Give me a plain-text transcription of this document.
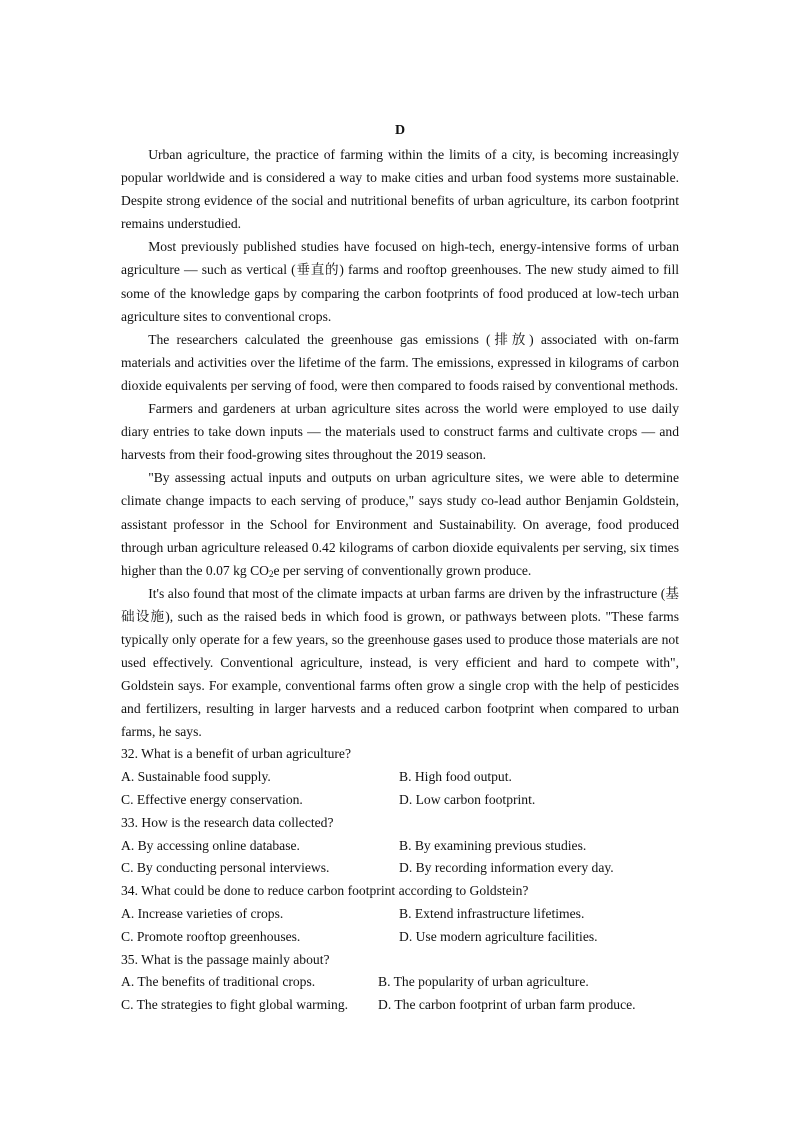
D

Urban agriculture, the practice of farming within the limits of a city, is becoming increasingly popular worldwide and is considered a way to make cities and urban food systems more sustainable. Despite strong evidence of the social and nutritional benefits of urban agriculture, its carbon footprint remains understudied.

Most previously published studies have focused on high-tech, energy-intensive forms of urban agriculture — such as vertical (垂直的) farms and rooftop greenhouses. The new study aimed to fill some of the knowledge gaps by comparing the carbon footprints of food produced at low-tech urban agriculture sites to conventional crops.

The researchers calculated the greenhouse gas emissions (排放) associated with on-farm materials and activities over the lifetime of the farm. The emissions, expressed in kilograms of carbon dioxide equivalents per serving of food, were then compared to foods raised by conventional methods.

Farmers and gardeners at urban agriculture sites across the world were employed to use daily diary entries to take down inputs — the materials used to construct farms and cultivate crops — and harvests from their food-growing sites throughout the 2019 season.

"By assessing actual inputs and outputs on urban agriculture sites, we were able to determine climate change impacts to each serving of produce," says study co-lead author Benjamin Goldstein, assistant professor in the School for Environment and Sustainability. On average, food produced through urban agriculture released 0.42 kilograms of carbon dioxide equivalents per serving, six times higher than the 0.07 kg $CO_2e$ per serving of conventionally grown produce.

It's also found that most of the climate impacts at urban farms are driven by the infrastructure (基础设施), such as the raised beds in which food is grown, or pathways between plots. "These farms typically only operate for a few years, so the greenhouse gases used to produce those materials are not used effectively. Conventional agriculture, instead, is very efficient and hard to compete with", Goldstein says. For example, conventional farms often grow a single crop with the help of pesticides and fertilizers, resulting in larger harvests and a reduced carbon footprint when compared to urban farms, he says.

32. What is a benefit of urban agriculture?
A. Sustainable food supply.	B. High food output.
C. Effective energy conservation.	D. Low carbon footprint.
33. How is the research data collected?
A. By accessing online database.	B. By examining previous studies.
C. By conducting personal interviews.	D. By recording information every day.
34. What could be done to reduce carbon footprint according to Goldstein?
A. Increase varieties of crops.	B. Extend infrastructure lifetimes.
C. Promote rooftop greenhouses.	D. Use modern agriculture facilities.
35. What is the passage mainly about?
A. The benefits of traditional crops.	B. The popularity of urban agriculture.
C. The strategies to fight global warming. D. The carbon footprint of urban farm produce.
